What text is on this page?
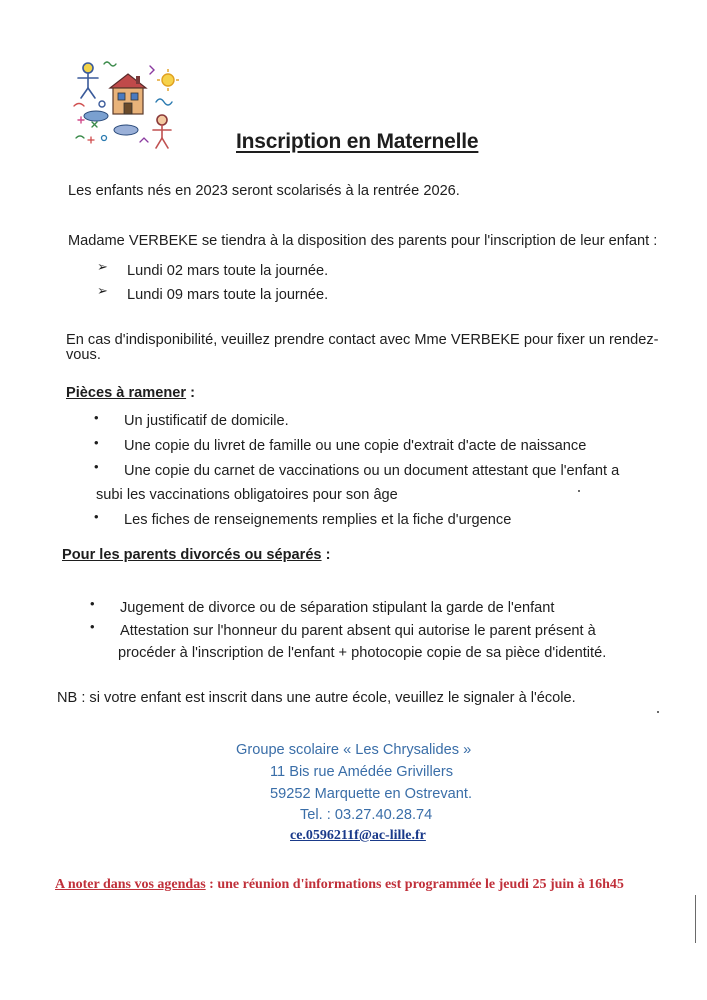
Inscription en Maternelle
Les enfants nés en 2023 seront scolarisés à la rentrée 2026.
Madame VERBEKE se tiendra à la disposition des parents pour l'inscription de leur enfant :
➢ Lundi 02 mars toute la journée.
➢ Lundi 09 mars toute la journée.
En cas d'indisponibilité, veuillez prendre contact avec Mme VERBEKE pour fixer un rendez-
vous.
Pièces à ramener :
• Un justificatif de domicile.
• Une copie du livret de famille ou une copie d'extrait d'acte de naissance
• Une copie du carnet de vaccinations ou un document attestant que l'enfant a
subi les vaccinations obligatoires pour son âge
• Les fiches de renseignements remplies et la fiche d'urgence
Pour les parents divorcés ou séparés :
• Jugement de divorce ou de séparation stipulant la garde de l'enfant
• Attestation sur l'honneur du parent absent qui autorise le parent présent à
procéder à l'inscription de l'enfant + photocopie copie de sa pièce d'identité.
NB : si votre enfant est inscrit dans une autre école, veuillez le signaler à l'école.
Groupe scolaire « Les Chrysalides »
11 Bis rue Amédée Grivillers
59252 Marquette en Ostrevant.
Tel. : 03.27.40.28.74
ce.0596211f@ac-lille.fr
A noter dans vos agendas : une réunion d'informations est programmée le jeudi 25 juin à 16h45
